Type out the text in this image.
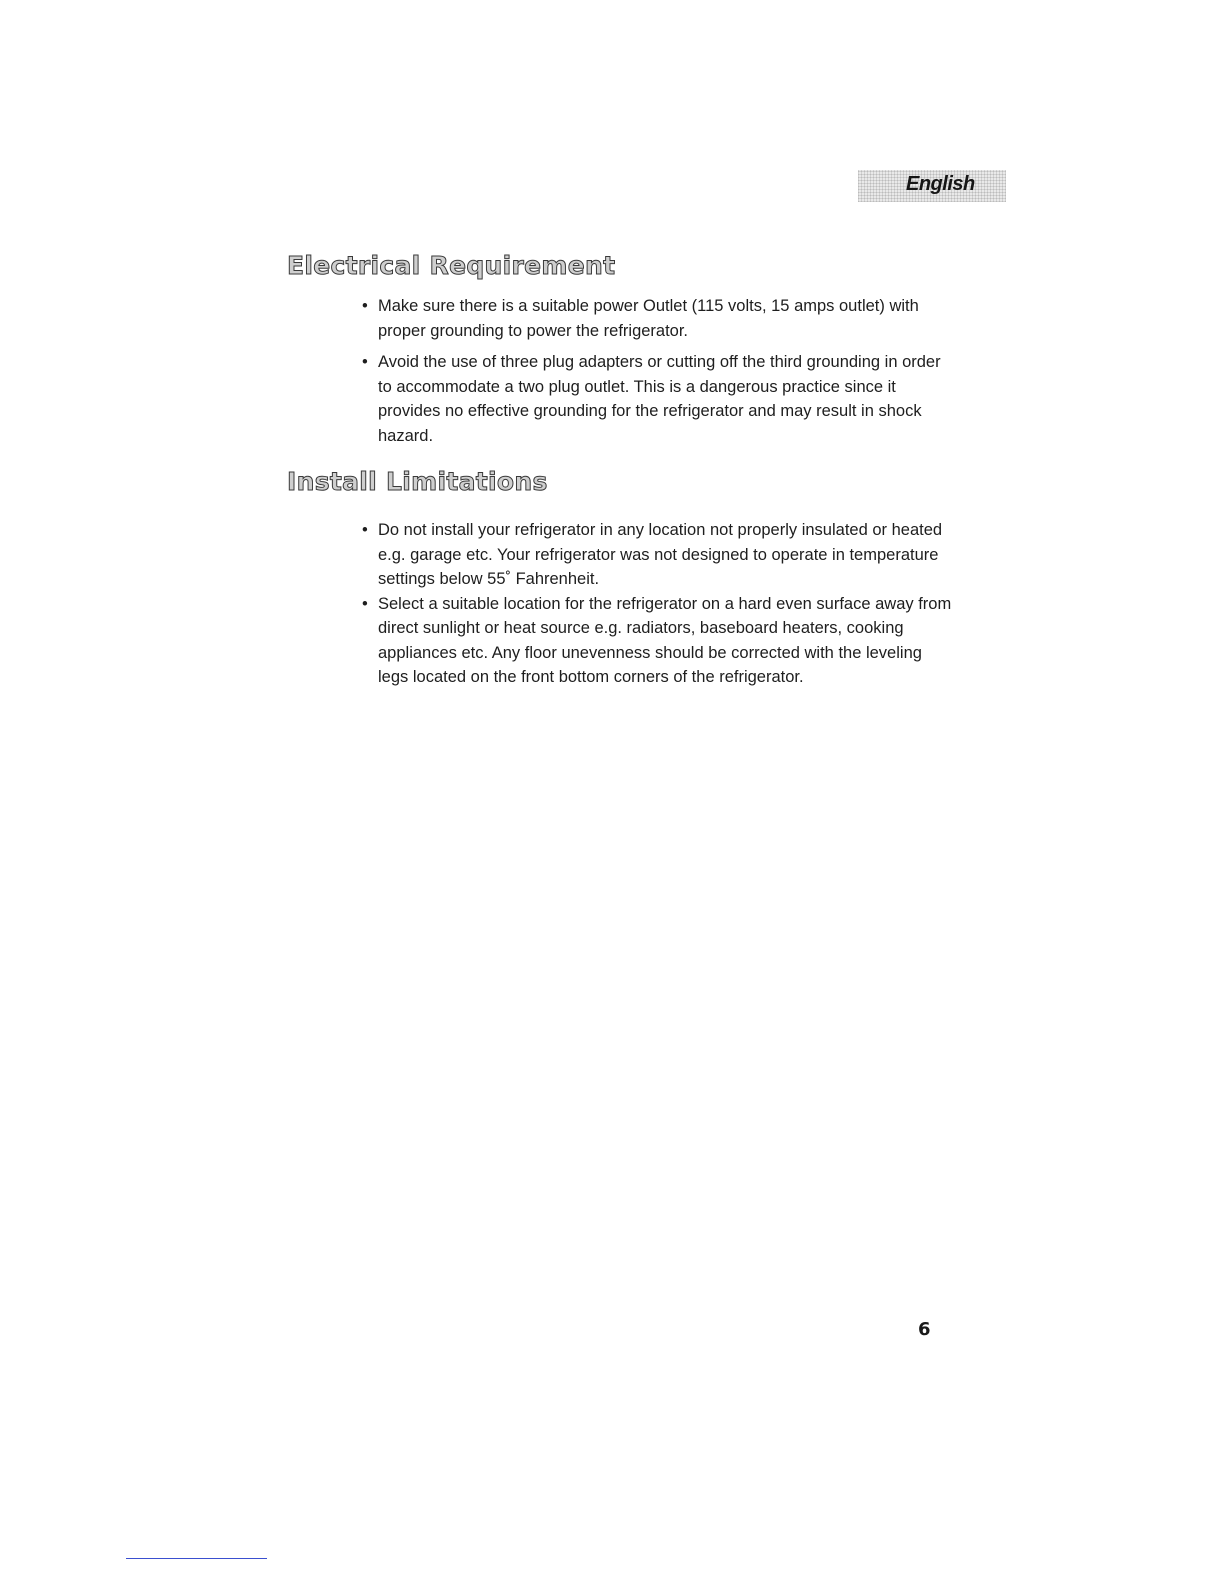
English
Electrical Requirement
• Make sure there is a suitable power Outlet (115 volts, 15 amps outlet) with proper grounding to power the refrigerator.
• Avoid the use of three plug adapters or cutting off the third grounding in order to accommodate a two plug outlet. This is a dangerous practice since it provides no effective grounding for the refrigerator and may result in shock hazard.
Install Limitations
• Do not install your refrigerator in any location not properly insulated or heated e.g. garage etc. Your refrigerator was not designed to operate in temperature settings below 55˚ Fahrenheit.
• Select a suitable location for the refrigerator on a hard even surface away from direct sunlight or heat source e.g. radiators, baseboard heaters, cooking appliances etc. Any floor unevenness should be corrected with the leveling legs located on the front bottom corners of the refrigerator.
6
